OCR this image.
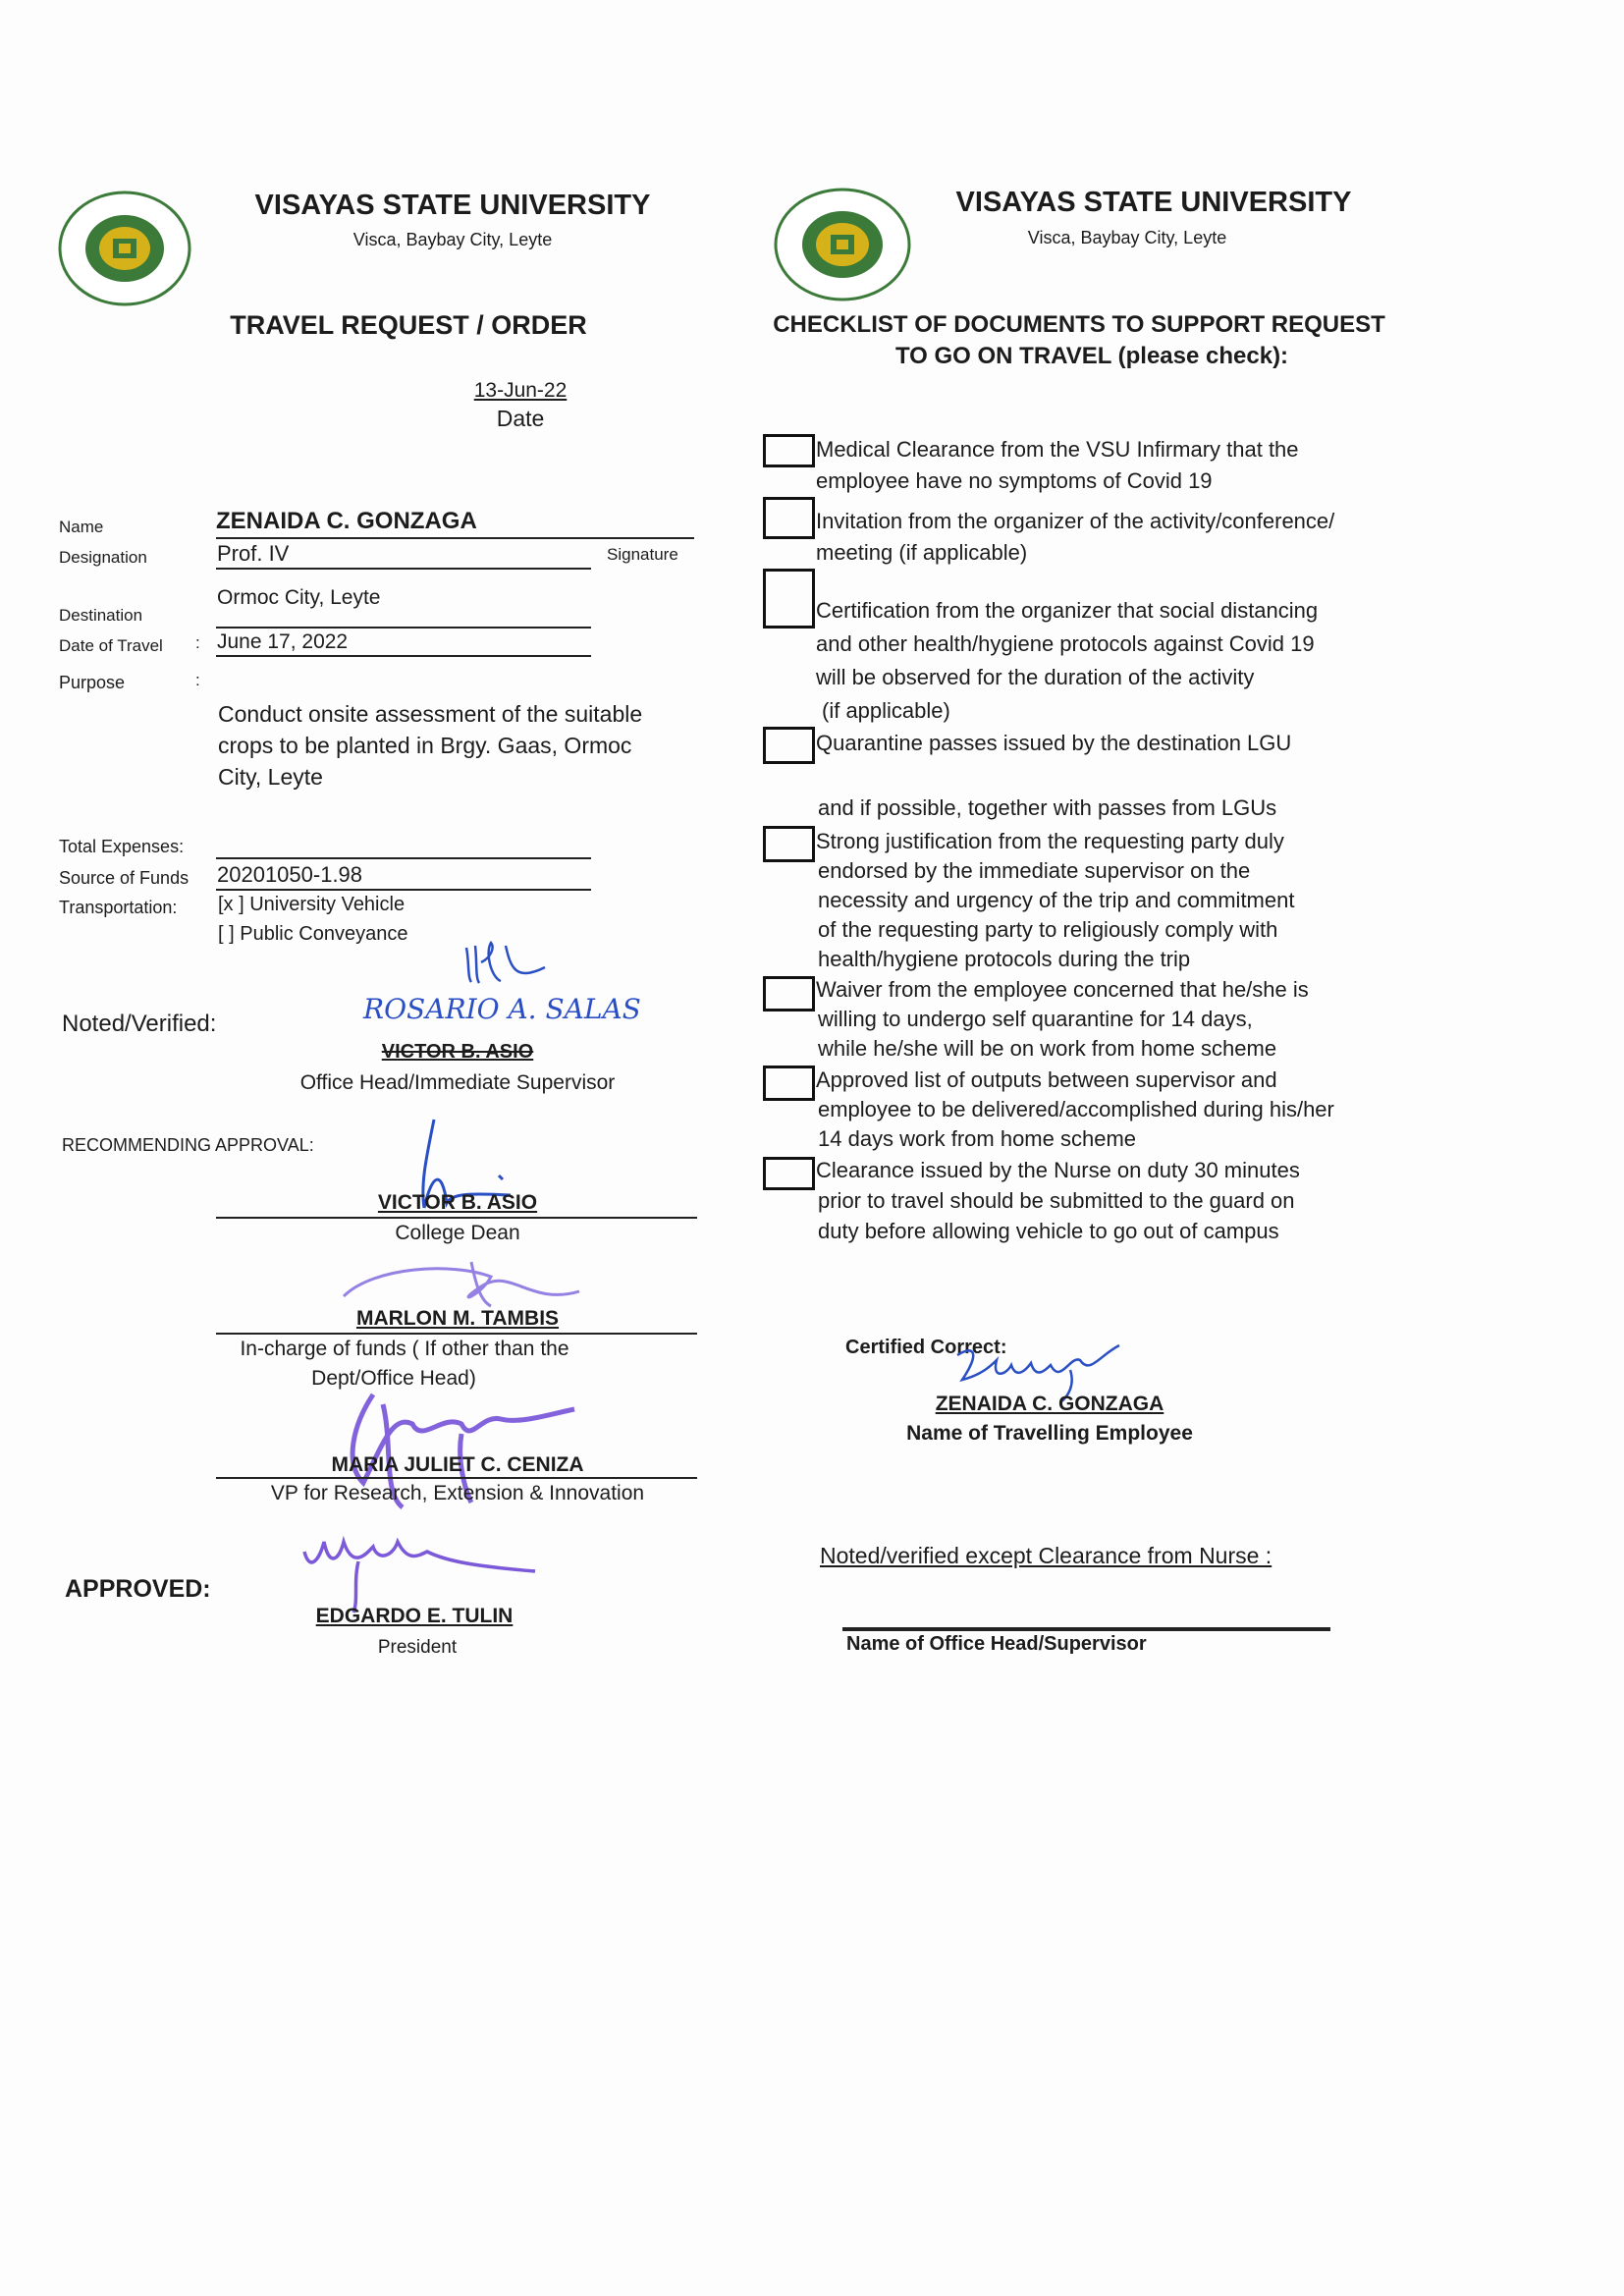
VISAYAS STATE UNIVERSITY
Visca, Baybay City, Leyte
TRAVEL REQUEST / ORDER
13-Jun-22
Date
Name	ZENAIDA C. GONZAGA
Designation	Prof. IV	Signature
Destination
Ormoc City, Leyte
Date of Travel : June 17, 2022
Purpose	:
Conduct onsite assessment of the suitable
crops to be planted in Brgy. Gaas, Ormoc
City, Leyte
Total Expenses:
Source of Funds 20201050-1.98
Transportation: [x ] University Vehicle
[ ] Public Conveyance
Noted/Verified:	ROSARIO A. SALAS
VICTOR B. ASIO
Office Head/Immediate Supervisor
RECOMMENDING APPROVAL:
VICTOR B. ASIO
College Dean
MARLON M. TAMBIS
In-charge of funds ( If other than the
Dept/Office Head)
MARIA JULIET C. CENIZA
VP for Research, Extension & Innovation
APPROVED:
EDGARDO E. TULIN
President
VISAYAS STATE UNIVERSITY
Visca, Baybay City, Leyte
CHECKLIST OF DOCUMENTS TO SUPPORT REQUEST
TO GO ON TRAVEL (please check):
Medical Clearance from the VSU Infirmary that the
employee have no symptoms of Covid 19
Invitation from the organizer of the activity/conference/
meeting (if applicable)
Certification from the organizer that social distancing
and other health/hygiene protocols against Covid 19
will be observed for the duration of the activity
(if applicable)
Quarantine passes issued by the destination LGU
and if possible, together with passes from LGUs
Strong justification from the requesting party duly
endorsed by the immediate supervisor on the
necessity and urgency of the trip and commitment
of the requesting party to religiously comply with
health/hygiene protocols during the trip
Waiver from the employee concerned that he/she is
willing to undergo self quarantine for 14 days,
while he/she will be on work from home scheme
Approved list of outputs between supervisor and
employee to be delivered/accomplished during his/her
14 days work from home scheme
Clearance issued by the Nurse on duty 30 minutes
prior to travel should be submitted to the guard on
duty before allowing vehicle to go out of campus
Certified Correct:
ZENAIDA C. GONZAGA
Name of Travelling Employee
Noted/verified except Clearance from Nurse :
Name of Office Head/Supervisor
